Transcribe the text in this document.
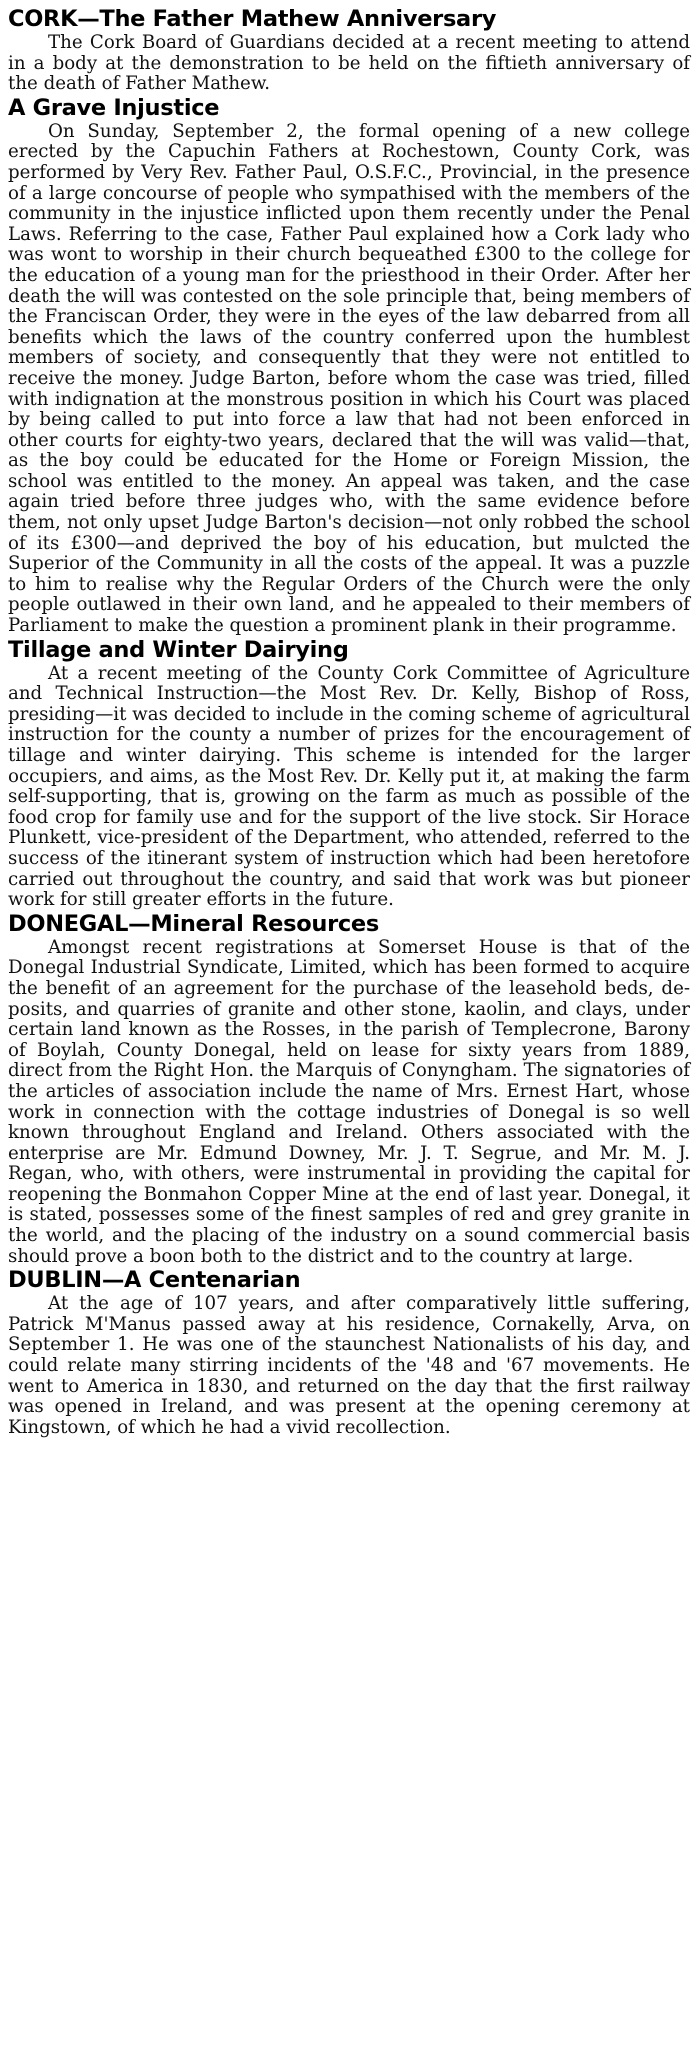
CORK—The Father Mathew Anniversary

The Cork Board of Guardians decided at a recent meeting to attend in a body at the demonstration to be held on the fiftieth anniversary of the death of Father Mathew.

A Grave Injustice

On Sunday, September 2, the formal opening of a new college erected by the Capuchin Fathers at Rochestown, County Cork, was performed by Very Rev. Father Paul, O.S.F.C., Provincial, in the presence of a large concourse of people who sympathised with the members of the community in the injustice inflicted upon them recently under the Penal Laws. Referring to the case, Father Paul explained how a Cork lady who was wont to worship in their church bequeathed £300 to the college for the education of a young man for the priesthood in their Order. After her death the will was contested on the sole principle that, being members of the Franciscan Order, they were in the eyes of the law debarred from all benefits which the laws of the country conferred upon the humblest members of society, and consequently that they were not entitled to receive the money. Judge Barton, before whom the case was tried, filled with indignation at the monstrous position in which his Court was placed by being called to put into force a law that had not been enforced in other courts for eighty-two years, declared that the will was valid—that, as the boy could be educated for the Home or Foreign Mission, the school was entitled to the money. An appeal was taken, and the case again tried before three judges who, with the same evidence before them, not only upset Judge Barton's decision—not only robbed the school of its £300—and deprived the boy of his education, but mulcted the Superior of the Community in all the costs of the appeal. It was a puzzle to him to realise why the Regular Orders of the Church were the only people outlawed in their own land, and he appealed to their members of Parliament to make the question a prominent plank in their programme.

Tillage and Winter Dairying

At a recent meeting of the County Cork Committee of Agriculture and Technical Instruction—the Most Rev. Dr. Kelly, Bishop of Ross, presiding—it was decided to include in the coming scheme of agricultural instruction for the county a number of prizes for the encouragement of tillage and winter dairying. This scheme is intended for the larger occupiers, and aims, as the Most Rev. Dr. Kelly put it, at making the farm self-supporting, that is, growing on the farm as much as possible of the food crop for family use and for the support of the live stock. Sir Horace Plunkett, vice-president of the Department, who attended, referred to the success of the itinerant system of instruction which had been heretofore carried out throughout the country, and said that work was but pioneer work for still greater efforts in the future.

DONEGAL—Mineral Resources

Amongst recent registrations at Somerset House is that of the Donegal Industrial Syndicate, Limited, which has been formed to acquire the benefit of an agreement for the purchase of the leasehold beds, deposits, and quarries of granite and other stone, kaolin, and clays, under certain land known as the Rosses, in the parish of Templecrone, Barony of Boylah, County Donegal, held on lease for sixty years from 1889, direct from the Right Hon. the Marquis of Conyngham. The signatories of the articles of association include the name of Mrs. Ernest Hart, whose work in connection with the cottage industries of Donegal is so well known throughout England and Ireland. Others associated with the enterprise are Mr. Edmund Downey, Mr. J. T. Segrue, and Mr. M. J. Regan, who, with others, were instrumental in providing the capital for reopening the Bonmahon Copper Mine at the end of last year. Donegal, it is stated, possesses some of the finest samples of red and grey granite in the world, and the placing of the industry on a sound commercial basis should prove a boon both to the district and to the country at large.

DUBLIN—A Centenarian

At the age of 107 years, and after comparatively little suffering, Patrick M'Manus passed away at his residence, Cornakelly, Arva, on September 1. He was one of the staunchest Nationalists of his day, and could relate many stirring incidents of the '48 and '67 movements. He went to America in 1830, and returned on the day that the first railway was opened in Ireland, and was present at the opening ceremony at Kingstown, of which he had a vivid recollection.
